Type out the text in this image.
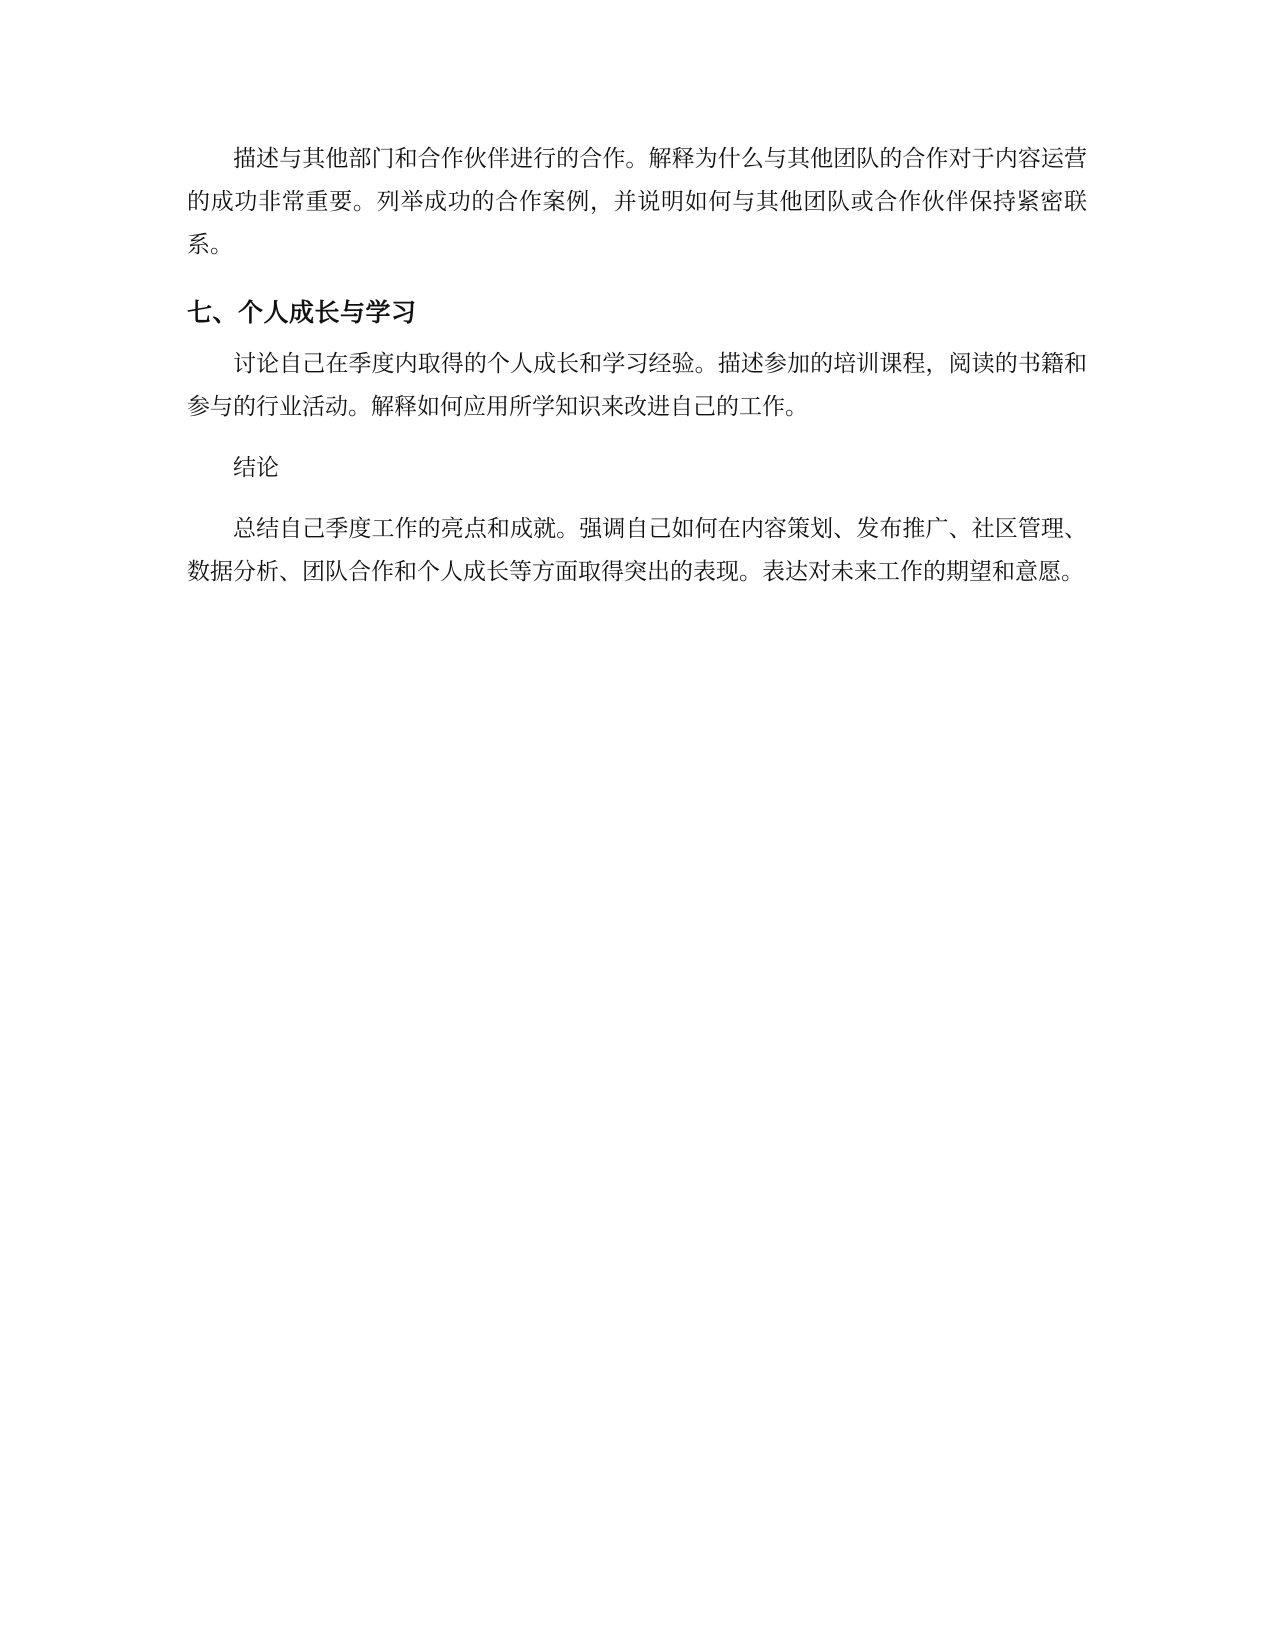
描述与其他部门和合作伙伴进行的合作。解释为什么与其他团队的合作对于内容运营的成功非常重要。列举成功的合作案例，并说明如何与其他团队或合作伙伴保持紧密联系。

七、个人成长与学习

讨论自己在季度内取得的个人成长和学习经验。描述参加的培训课程，阅读的书籍和参与的行业活动。解释如何应用所学知识来改进自己的工作。

结论

总结自己季度工作的亮点和成就。强调自己如何在内容策划、发布推广、社区管理、数据分析、团队合作和个人成长等方面取得突出的表现。表达对未来工作的期望和意愿。
